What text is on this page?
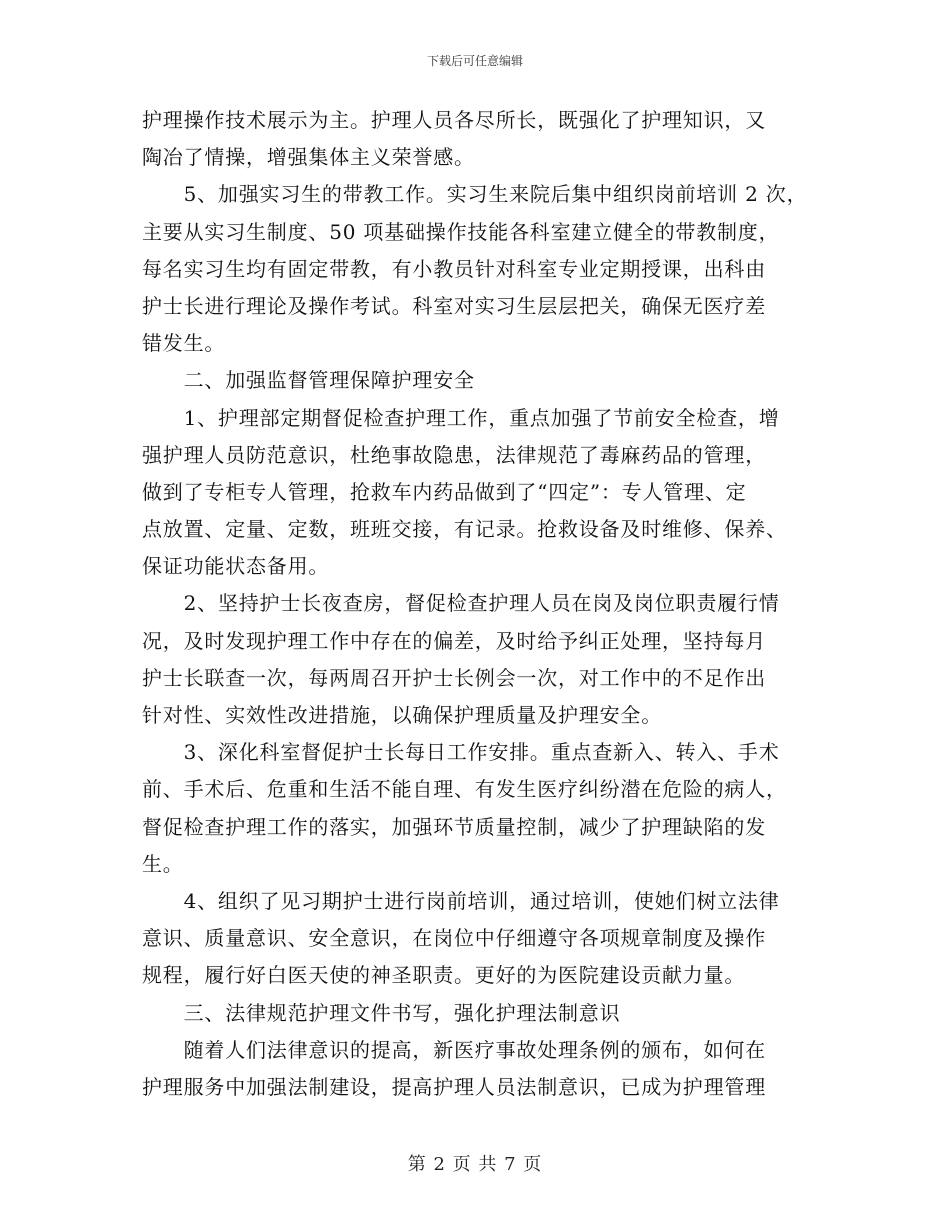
下载后可任意编辑
护理操作技术展示为主。护理人员各尽所长，既强化了护理知识，又
陶冶了情操，增强集体主义荣誉感。
　　5、加强实习生的带教工作。实习生来院后集中组织岗前培训 2 次，
主要从实习生制度、50 项基础操作技能各科室建立健全的带教制度，
每名实习生均有固定带教，有小教员针对科室专业定期授课，出科由
护士长进行理论及操作考试。科室对实习生层层把关，确保无医疗差
错发生。
　　二、加强监督管理保障护理安全
　　1、护理部定期督促检查护理工作，重点加强了节前安全检查，增
强护理人员防范意识，杜绝事故隐患，法律规范了毒麻药品的管理，
做到了专柜专人管理，抢救车内药品做到了“四定”：专人管理、定
点放置、定量、定数，班班交接，有记录。抢救设备及时维修、保养、
保证功能状态备用。
　　2、坚持护士长夜查房，督促检查护理人员在岗及岗位职责履行情
况，及时发现护理工作中存在的偏差，及时给予纠正处理，坚持每月
护士长联查一次，每两周召开护士长例会一次，对工作中的不足作出
针对性、实效性改进措施，以确保护理质量及护理安全。
　　3、深化科室督促护士长每日工作安排。重点查新入、转入、手术
前、手术后、危重和生活不能自理、有发生医疗纠纷潜在危险的病人，
督促检查护理工作的落实，加强环节质量控制，减少了护理缺陷的发
生。
　　4、组织了见习期护士进行岗前培训，通过培训，使她们树立法律
意识、质量意识、安全意识，在岗位中仔细遵守各项规章制度及操作
规程，履行好白医天使的神圣职责。更好的为医院建设贡献力量。
　　三、法律规范护理文件书写，强化护理法制意识
　　随着人们法律意识的提高，新医疗事故处理条例的颁布，如何在
护理服务中加强法制建设，提高护理人员法制意识，已成为护理管理
第 2 页 共 7 页
